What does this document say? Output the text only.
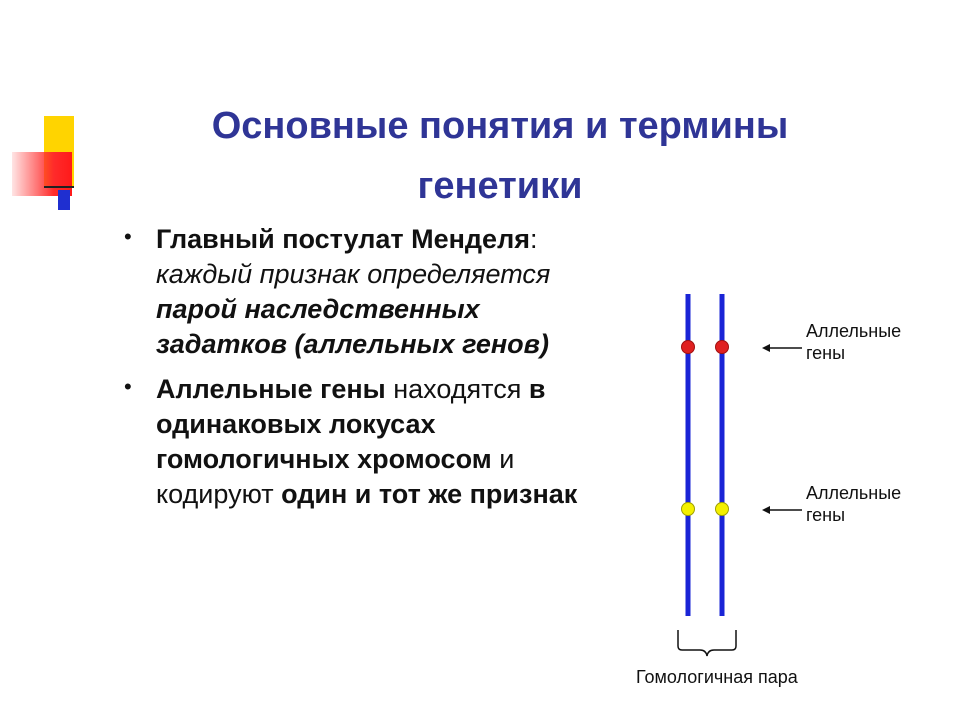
Основные понятия и термины
генетики
• Главный постулат Менделя: каждый признак определяется парой наследственных задатков (аллельных генов)
• Аллельные гены находятся в одинаковых локусах гомологичных хромосом и кодируют один и тот же признак
Аллельные гены
Аллельные гены
Гомологичная пара
